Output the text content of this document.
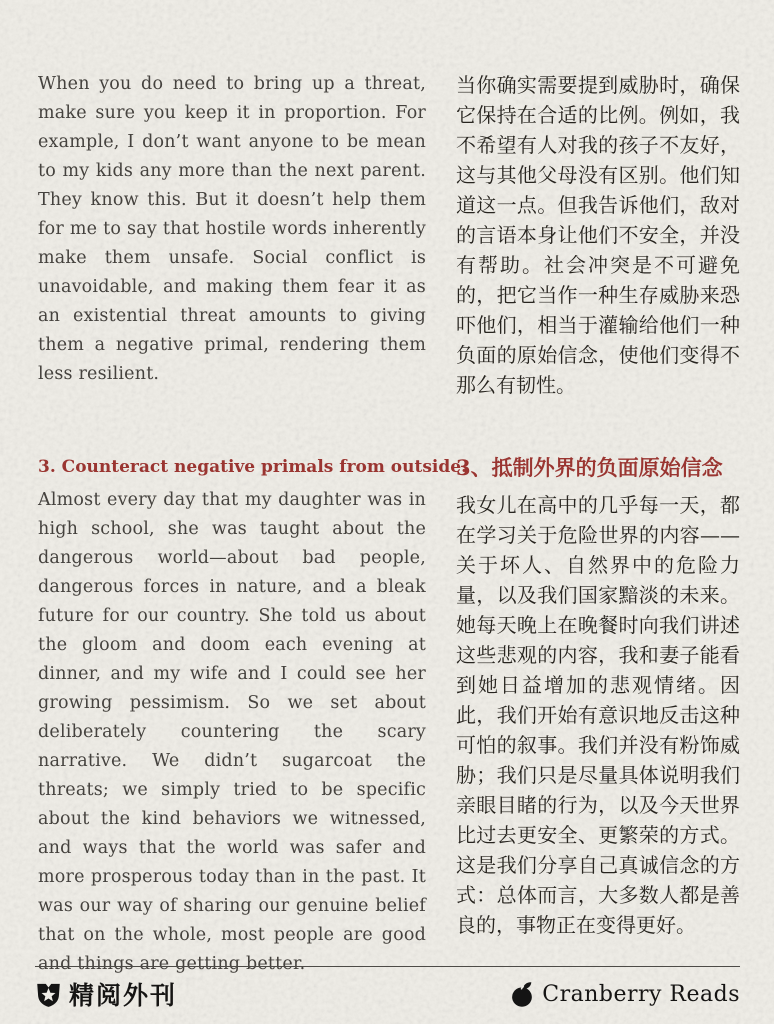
When you do need to bring up a threat, make sure you keep it in proportion. For example, I don’t want anyone to be mean to my kids any more than the next parent. They know this. But it doesn’t help them for me to say that hostile words inherently make them unsafe. Social conflict is unavoidable, and making them fear it as an existential threat amounts to giving them a negative primal, rendering them less resilient.

3. Counteract negative primals from outside.

Almost every day that my daughter was in high school, she was taught about the dangerous world—about bad people, dangerous forces in nature, and a bleak future for our country. She told us about the gloom and doom each evening at dinner, and my wife and I could see her growing pessimism. So we set about deliberately countering the scary narrative. We didn’t sugarcoat the threats; we simply tried to be specific about the kind behaviors we witnessed, and ways that the world was safer and more prosperous today than in the past. It was our way of sharing our genuine belief that on the whole, most people are good and things are getting better.

当你确实需要提到威胁时，确保它保持在合适的比例。例如，我不希望有人对我的孩子不友好，这与其他父母没有区别。他们知道这一点。但我告诉他们，敌对的言语本身让他们不安全，并没有帮助。社会冲突是不可避免的，把它当作一种生存威胁来恐吓他们，相当于灌输给他们一种负面的原始信念，使他们变得不那么有韧性。

3、抵制外界的负面原始信念

我女儿在高中的几乎每一天，都在学习关于危险世界的内容——关于坏人、自然界中的危险力量，以及我们国家黯淡的未来。她每天晚上在晚餐时向我们讲述这些悲观的内容，我和妻子能看到她日益增加的悲观情绪。因此，我们开始有意识地反击这种可怕的叙事。我们并没有粉饰威胁；我们只是尽量具体说明我们亲眼目睹的行为，以及今天世界比过去更安全、更繁荣的方式。这是我们分享自己真诚信念的方式：总体而言，大多数人都是善良的，事物正在变得更好。

精阅外刊	Cranberry Reads
